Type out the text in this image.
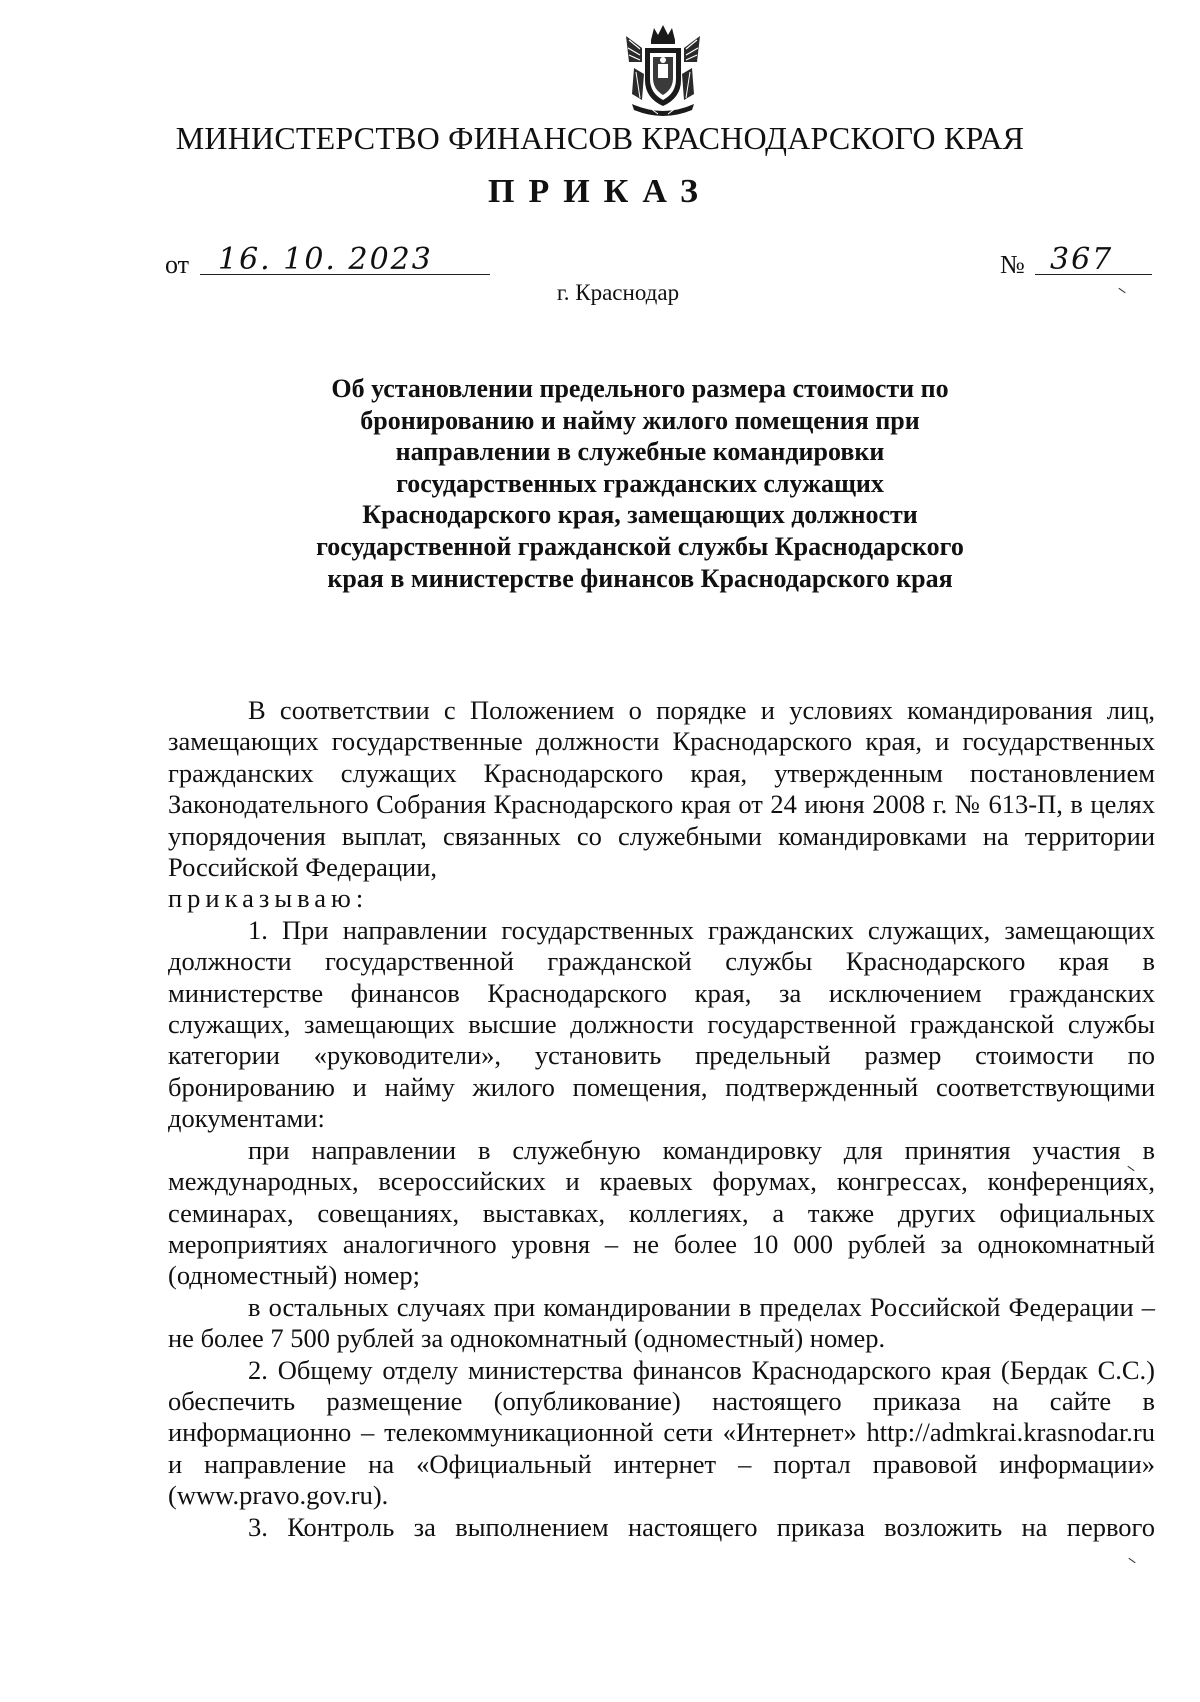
МИНИСТЕРСТВО ФИНАНСОВ КРАСНОДАРСКОГО КРАЯ
ПРИКАЗ
от 16. 10. 2023	№ 367
г. Краснодар
Об установлении предельного размера стоимости по бронированию и найму жилого помещения при направлении в служебные командировки государственных гражданских служащих Краснодарского края, замещающих должности государственной гражданской службы Краснодарского края в министерстве финансов Краснодарского края

В соответствии с Положением о порядке и условиях командирования лиц, замещающих государственные должности Краснодарского края, и государственных гражданских служащих Краснодарского края, утвержденным постановлением Законодательного Собрания Краснодарского края от 24 июня 2008 г. № 613-П, в целях упорядочения выплат, связанных со служебными командировками на территории Российской Федерации,

приказываю:

1. При направлении государственных гражданских служащих, замещающих должности государственной гражданской службы Краснодарского края в министерстве финансов Краснодарского края, за исключением гражданских служащих, замещающих высшие должности государственной гражданской службы категории «руководители», установить предельный размер стоимости по бронированию и найму жилого помещения, подтвержденный соответствующими документами:

при направлении в служебную командировку для принятия участия в международных, всероссийских и краевых форумах, конгрессах, конференциях, семинарах, совещаниях, выставках, коллегиях, а также других официальных мероприятиях аналогичного уровня – не более 10 000 рублей за однокомнатный (одноместный) номер;

в остальных случаях при командировании в пределах Российской Федерации – не более 7 500 рублей за однокомнатный (одноместный) номер.

2. Общему отделу министерства финансов Краснодарского края (Бердак С.С.) обеспечить размещение (опубликование) настоящего приказа на сайте в информационно – телекоммуникационной сети «Интернет» http://admkrai.krasnodar.ru и направление на «Официальный интернет – портал правовой информации» (www.pravo.gov.ru).

3. Контроль за выполнением настоящего приказа возложить на первого
